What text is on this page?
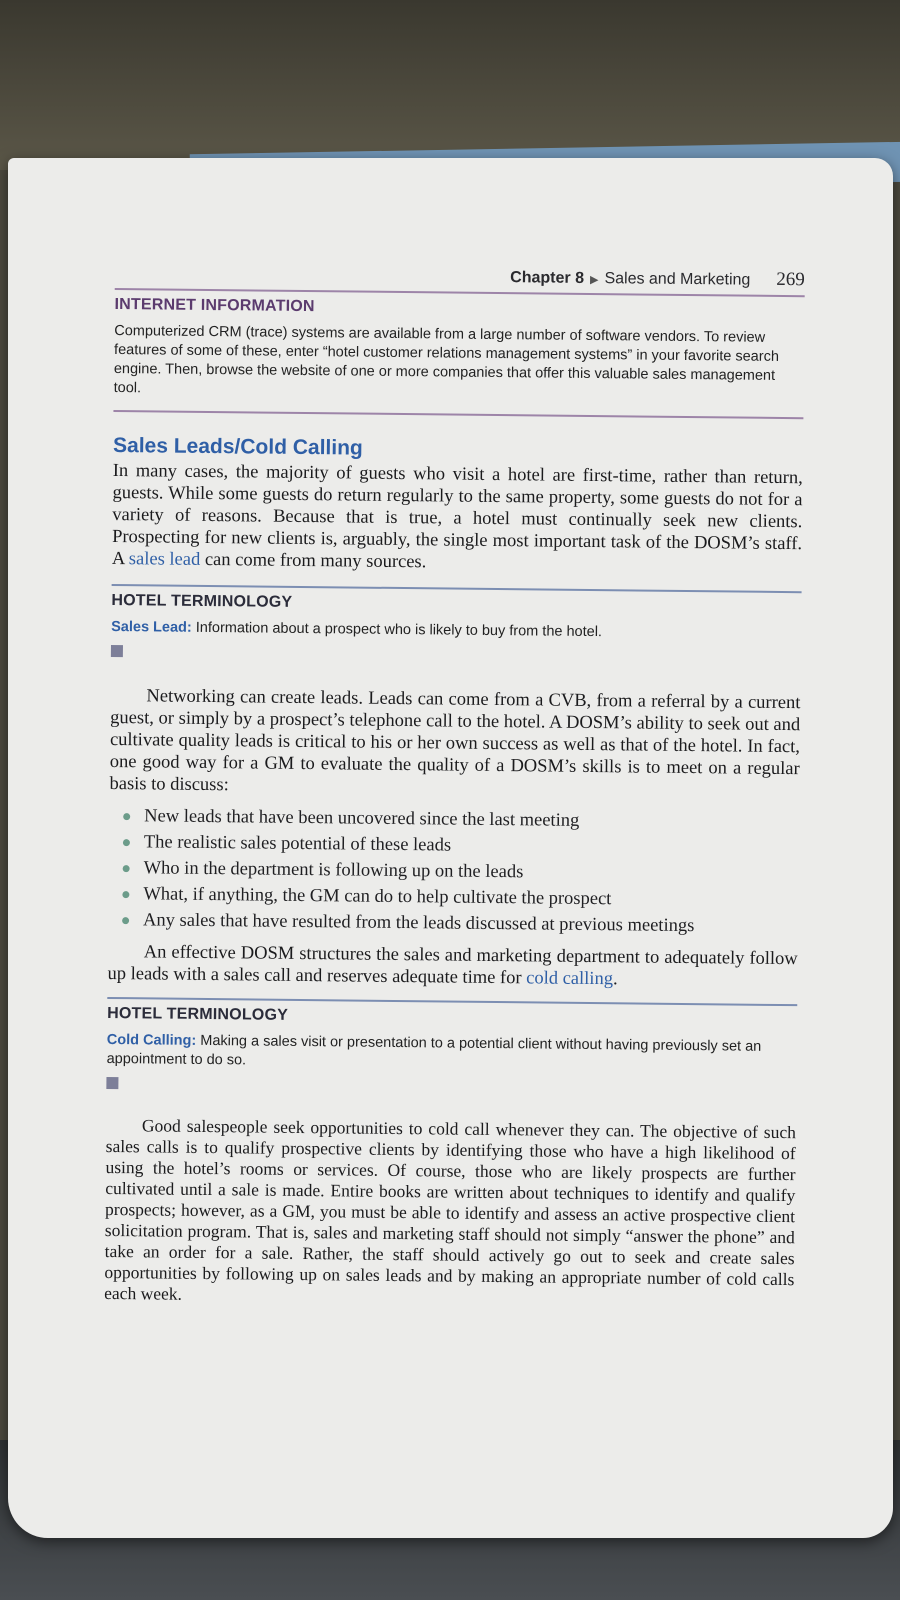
Chapter 8 ▶ Sales and Marketing 269
INTERNET INFORMATION
Computerized CRM (trace) systems are available from a large number of software vendors. To review features of some of these, enter “hotel customer relations management systems” in your favorite search engine. Then, browse the website of one or more companies that offer this valuable sales management tool.
Sales Leads/Cold Calling
In many cases, the majority of guests who visit a hotel are first-time, rather than return, guests. While some guests do return regularly to the same property, some guests do not for a variety of reasons. Because that is true, a hotel must continually seek new clients. Prospecting for new clients is, arguably, the single most important task of the DOSM’s staff. A sales lead can come from many sources.
HOTEL TERMINOLOGY
Sales Lead: Information about a prospect who is likely to buy from the hotel.
Networking can create leads. Leads can come from a CVB, from a referral by a current guest, or simply by a prospect’s telephone call to the hotel. A DOSM’s ability to seek out and cultivate quality leads is critical to his or her own success as well as that of the hotel. In fact, one good way for a GM to evaluate the quality of a DOSM’s skills is to meet on a regular basis to discuss:
New leads that have been uncovered since the last meeting
The realistic sales potential of these leads
Who in the department is following up on the leads
What, if anything, the GM can do to help cultivate the prospect
Any sales that have resulted from the leads discussed at previous meetings
An effective DOSM structures the sales and marketing department to adequately follow up leads with a sales call and reserves adequate time for cold calling.
HOTEL TERMINOLOGY
Cold Calling: Making a sales visit or presentation to a potential client without having previously set an appointment to do so.
Good salespeople seek opportunities to cold call whenever they can. The objective of such sales calls is to qualify prospective clients by identifying those who have a high likelihood of using the hotel’s rooms or services. Of course, those who are likely prospects are further cultivated until a sale is made. Entire books are written about techniques to identify and qualify prospects; however, as a GM, you must be able to identify and assess an active prospective client solicitation program. That is, sales and marketing staff should not simply “answer the phone” and take an order for a sale. Rather, the staff should actively go out to seek and create sales opportunities by following up on sales leads and by making an appropriate number of cold calls each week.
